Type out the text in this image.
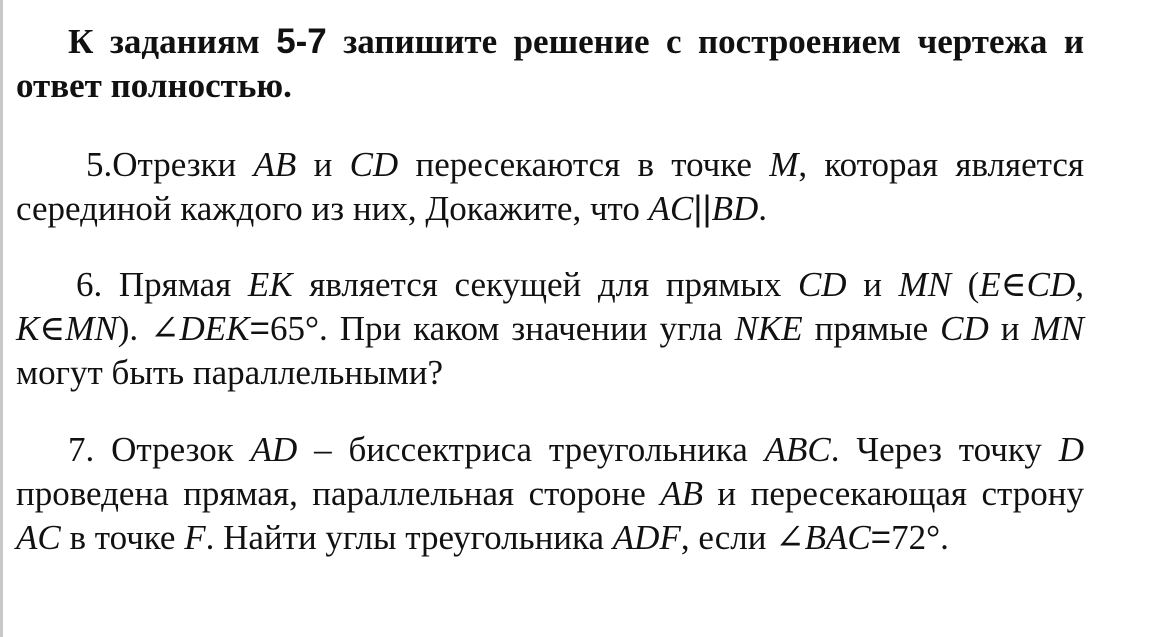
К заданиям 5-7 запишите решение с построением чертежа и ответ полностью.

5.Отрезки AB и CD пересекаются в точке M, которая является серединой каждого из них, Докажите, что AC||BD.

6. Прямая EK является секущей для прямых CD и MN (E∈CD, K∈MN). ∠DEK=65°. При каком значении угла NKE прямые CD и MN могут быть параллельными?

7. Отрезок AD – биссектриса треугольника ABC. Через точку D проведена прямая, параллельная стороне AB и пересекающая строну AC в точке F. Найти углы треугольника ADF, если ∠BAC=72°.
